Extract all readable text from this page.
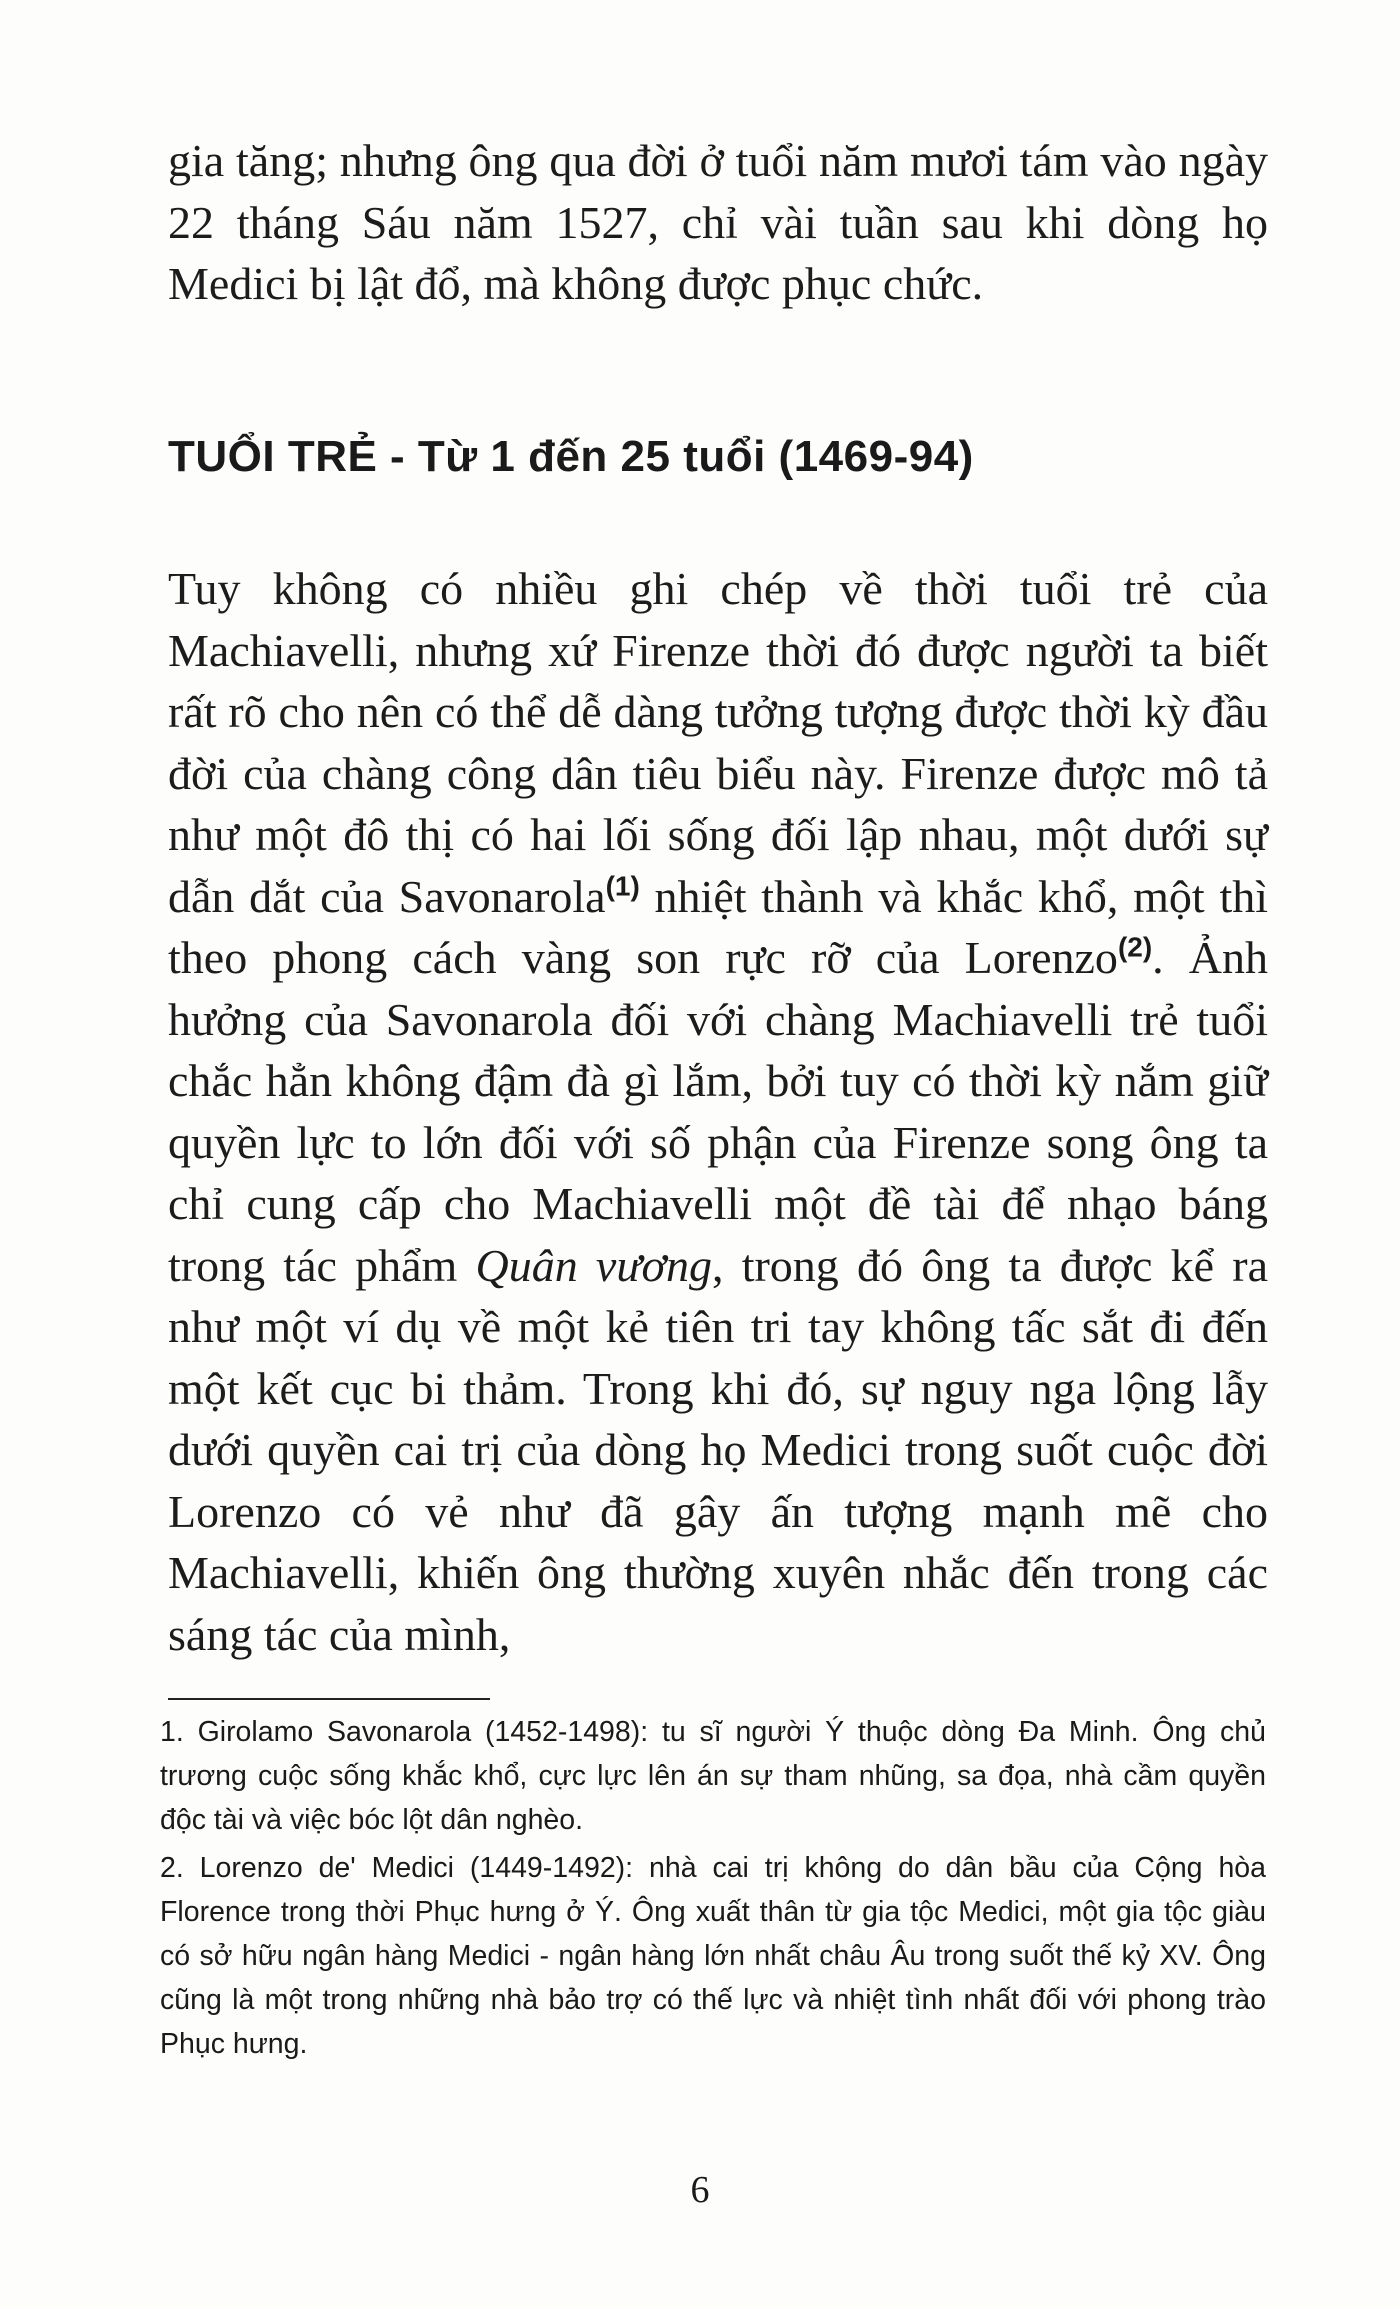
gia tăng; nhưng ông qua đời ở tuổi năm mươi tám vào ngày 22 tháng Sáu năm 1527, chỉ vài tuần sau khi dòng họ Medici bị lật đổ, mà không được phục chức.
TUỔI TRẺ - Từ 1 đến 25 tuổi (1469-94)
Tuy không có nhiều ghi chép về thời tuổi trẻ của Machiavelli, nhưng xứ Firenze thời đó được người ta biết rất rõ cho nên có thể dễ dàng tưởng tượng được thời kỳ đầu đời của chàng công dân tiêu biểu này. Firenze được mô tả như một đô thị có hai lối sống đối lập nhau, một dưới sự dẫn dắt của Savonarola$^{(1)}$ nhiệt thành và khắc khổ, một thì theo phong cách vàng son rực rỡ của Lorenzo$^{(2)}$. Ảnh hưởng của Savonarola đối với chàng Machiavelli trẻ tuổi chắc hẳn không đậm đà gì lắm, bởi tuy có thời kỳ nắm giữ quyền lực to lớn đối với số phận của Firenze song ông ta chỉ cung cấp cho Machiavelli một đề tài để nhạo báng trong tác phẩm Quân vương, trong đó ông ta được kể ra như một ví dụ về một kẻ tiên tri tay không tấc sắt đi đến một kết cục bi thảm. Trong khi đó, sự nguy nga lộng lẫy dưới quyền cai trị của dòng họ Medici trong suốt cuộc đời Lorenzo có vẻ như đã gây ấn tượng mạnh mẽ cho Machiavelli, khiến ông thường xuyên nhắc đến trong các sáng tác của mình,

1. Girolamo Savonarola (1452-1498): tu sĩ người Ý thuộc dòng Đa Minh. Ông chủ trương cuộc sống khắc khổ, cực lực lên án sự tham nhũng, sa đọa, nhà cầm quyền độc tài và việc bóc lột dân nghèo.

2. Lorenzo de' Medici (1449-1492): nhà cai trị không do dân bầu của Cộng hòa Florence trong thời Phục hưng ở Ý. Ông xuất thân từ gia tộc Medici, một gia tộc giàu có sở hữu ngân hàng Medici - ngân hàng lớn nhất châu Âu trong suốt thế kỷ XV. Ông cũng là một trong những nhà bảo trợ có thế lực và nhiệt tình nhất đối với phong trào Phục hưng.

6
